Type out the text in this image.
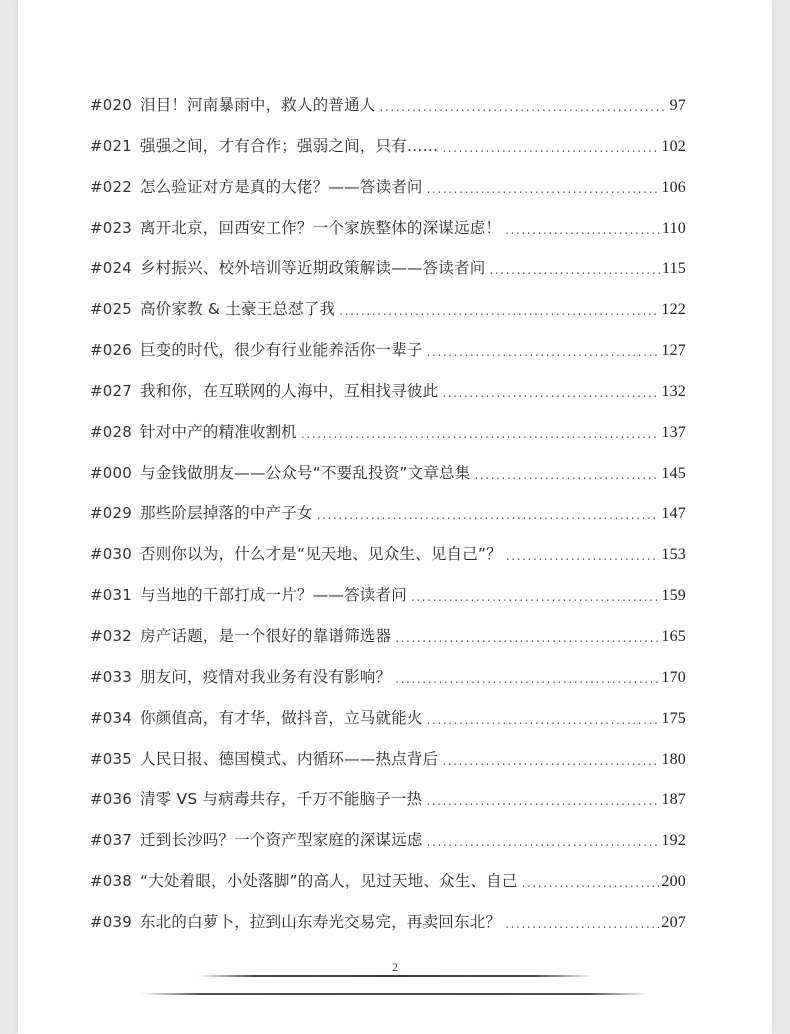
#020 泪目！河南暴雨中，救人的普通人 .....	97
#021 强强之间，才有合作；强弱之间，只有…… .....	102
#022 怎么验证对方是真的大佬？——答读者问 .....	106
#023 离开北京，回西安工作？一个家族整体的深谋远虑！ .....	110
#024 乡村振兴、校外培训等近期政策解读——答读者问 .....	115
#025 高价家教 & 土豪王总怼了我 .....	122
#026 巨变的时代，很少有行业能养活你一辈子 .....	127
#027 我和你，在互联网的人海中，互相找寻彼此 .....	132
#028 针对中产的精准收割机 .....	137
#000 与金钱做朋友——公众号“不要乱投资”文章总集 .....	145
#029 那些阶层掉落的中产子女 .....	147
#030 否则你以为，什么才是“见天地、见众生、见自己”？ .....	153
#031 与当地的干部打成一片？——答读者问 .....	159
#032 房产话题，是一个很好的靠谱筛选器 .....	165
#033 朋友问，疫情对我业务有没有影响？ .....	170
#034 你颜值高，有才华，做抖音，立马就能火 .....	175
#035 人民日报、德国模式、内循环——热点背后 .....	180
#036 清零 VS 与病毒共存，千万不能脑子一热 .....	187
#037 迁到长沙吗？一个资产型家庭的深谋远虑 .....	192
#038 “大处着眼，小处落脚”的高人，见过天地、众生、自己 .....	200
#039 东北的白萝卜，拉到山东寿光交易完，再卖回东北？ .....	207
2
